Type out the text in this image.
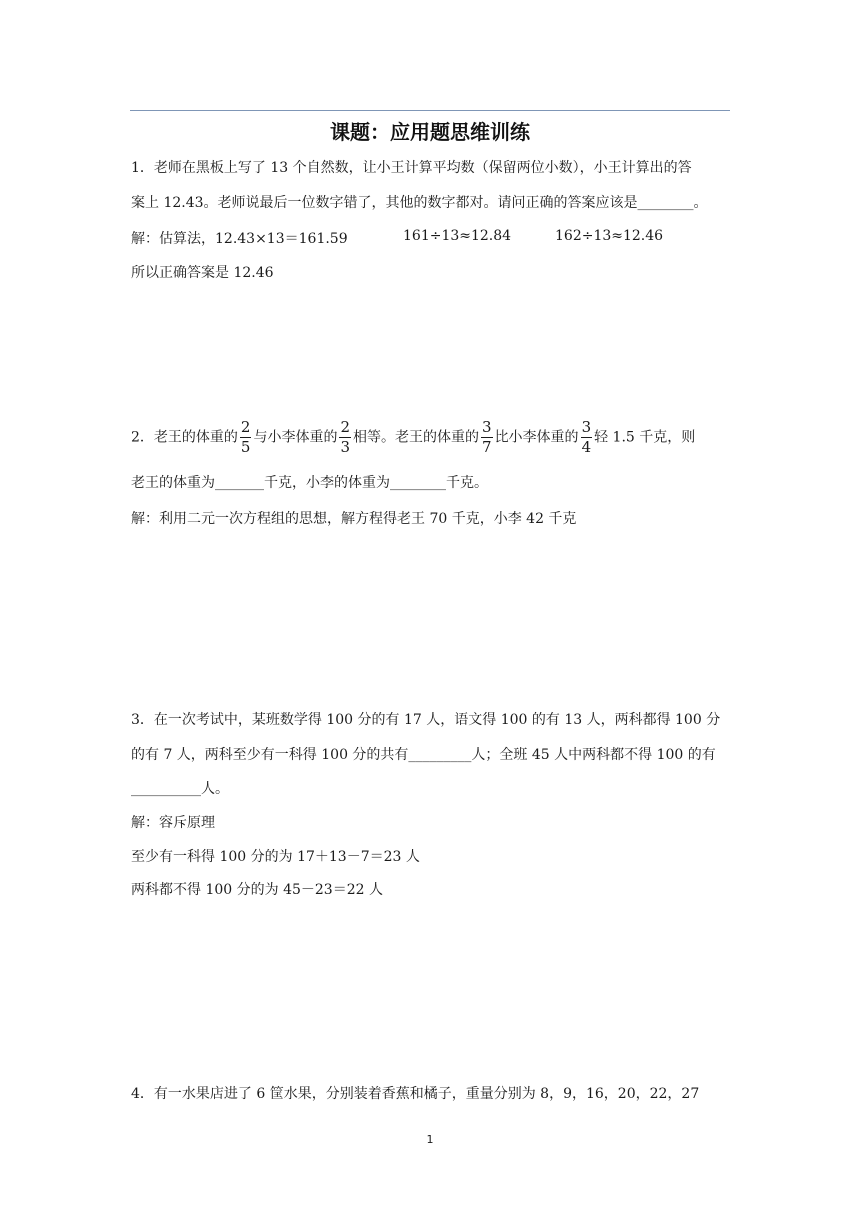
课题：应用题思维训练
1．老师在黑板上写了 13 个自然数，让小王计算平均数（保留两位小数），小王计算出的答
案上 12.43。老师说最后一位数字错了，其他的数字都对。请问正确的答案应该是________。
解：估算法，12.43×13＝161.59	161÷13≈12.84	162÷13≈12.46
所以正确答案是 12.46
2．老王的体重的 $\frac{2}{5}$ 与小李体重的 $\frac{2}{3}$ 相等。老王的体重的 $\frac{3}{7}$ 比小李体重的 $\frac{3}{4}$ 轻 1.5 千克，则
老王的体重为_______千克，小李的体重为________千克。
解：利用二元一次方程组的思想，解方程得老王 70 千克，小李 42 千克
3．在一次考试中，某班数学得 100 分的有 17 人，语文得 100 的有 13 人，两科都得 100 分
的有 7 人，两科至少有一科得 100 分的共有_________人；全班 45 人中两科都不得 100 的有
__________人。
解：容斥原理
至少有一科得 100 分的为 17＋13－7＝23 人
两科都不得 100 分的为 45－23＝22 人
4．有一水果店进了 6 筐水果，分别装着香蕉和橘子，重量分别为 8，9，16，20，22，27
1
